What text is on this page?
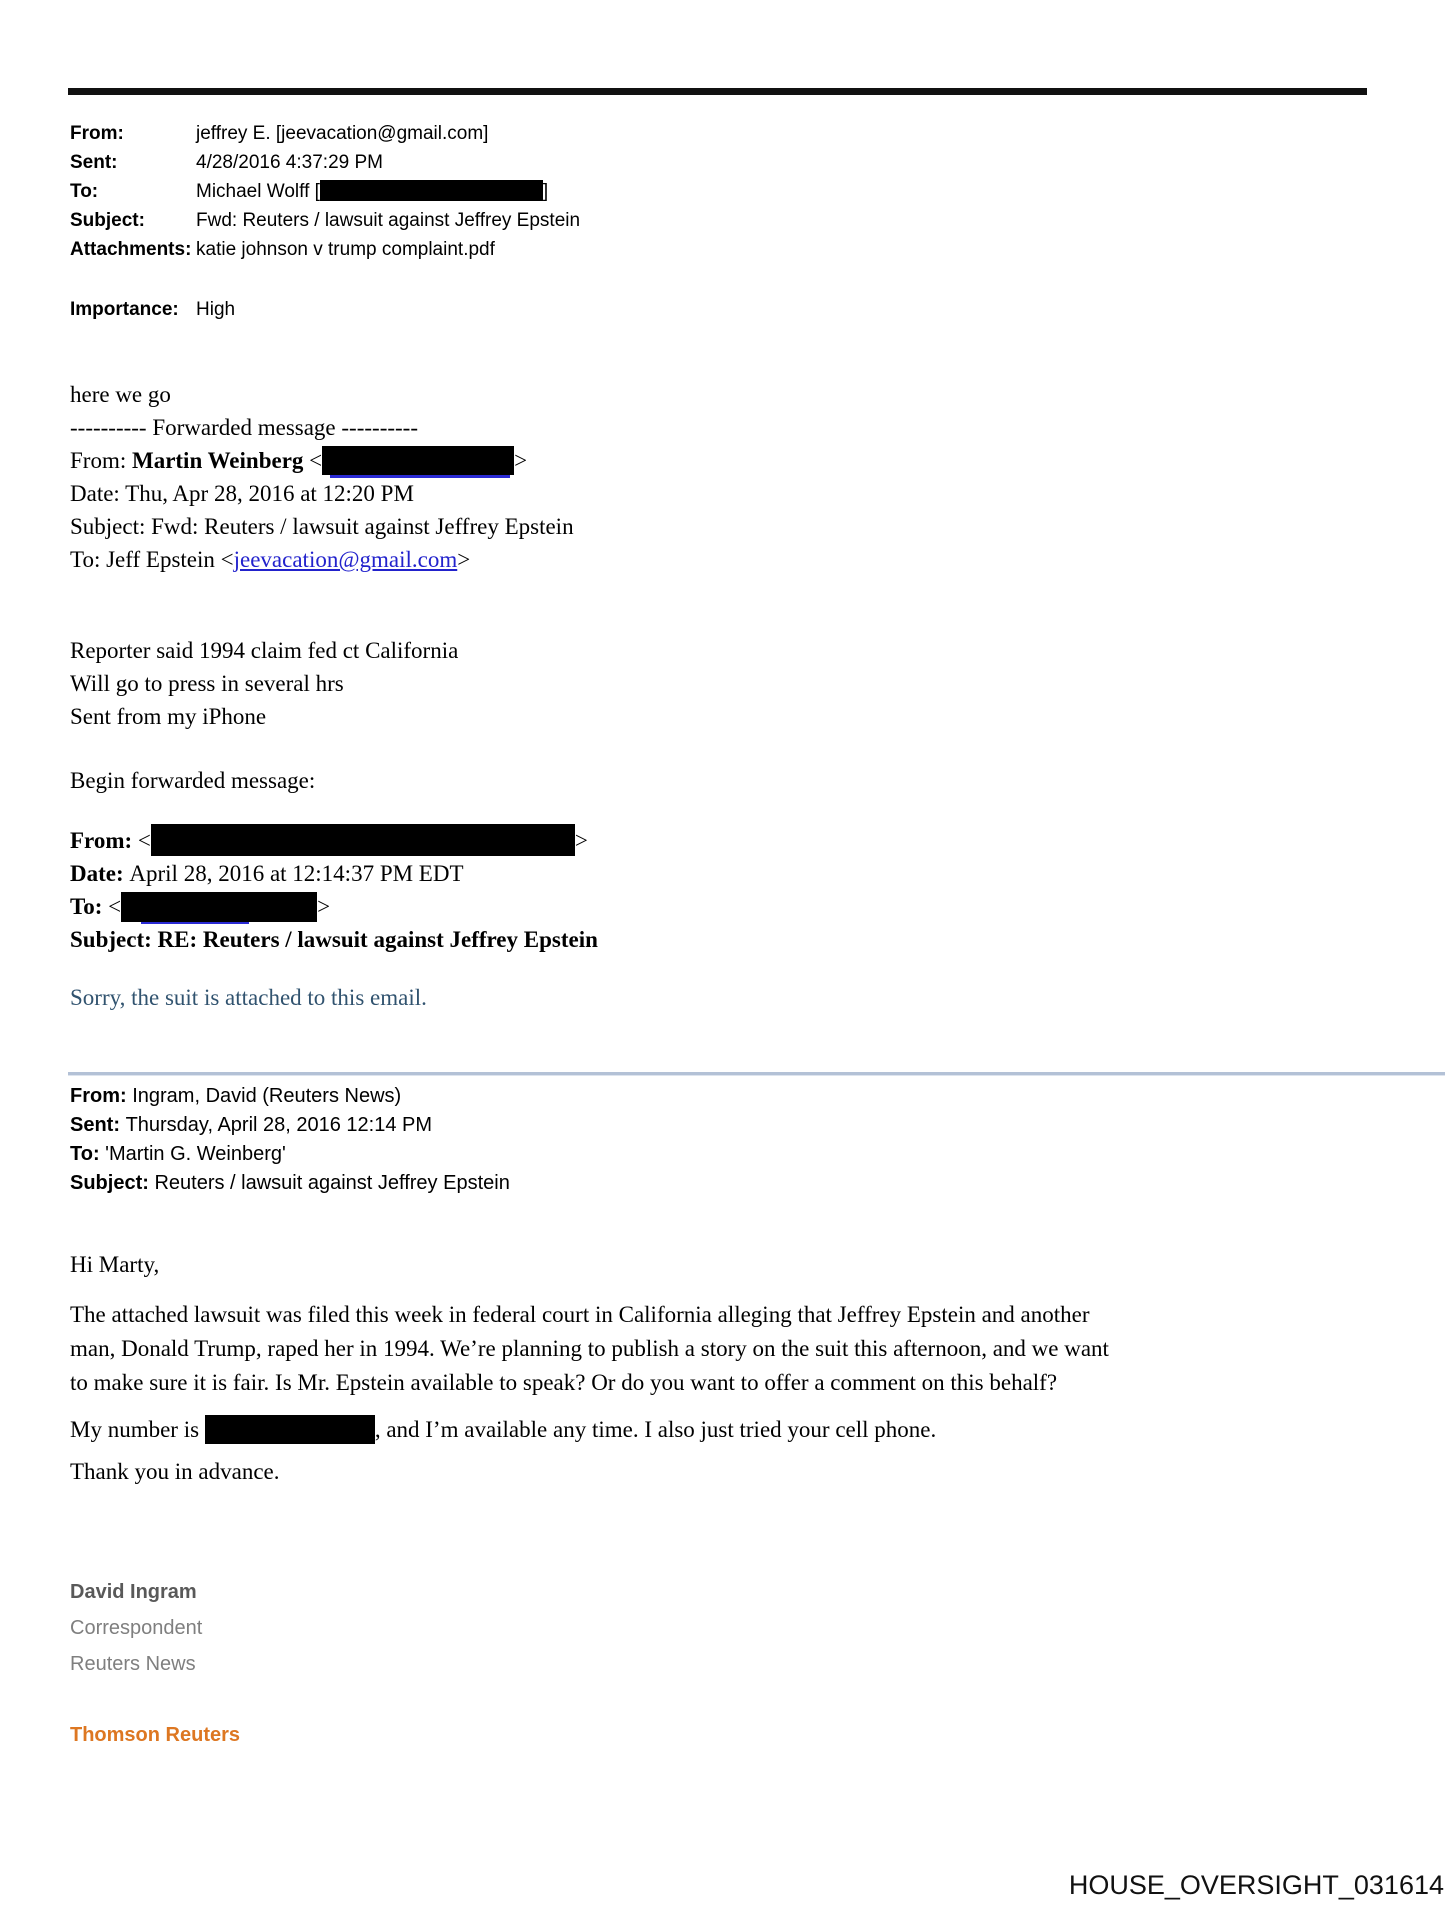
From:	jeffrey E. [jeevacation@gmail.com]
Sent:	4/28/2016 4:37:29 PM
To:	Michael Wolff [	]
Subject:	Fwd: Reuters / lawsuit against Jeffrey Epstein
Attachments: katie johnson v trump complaint.pdf
Importance: High
here we go
---------- Forwarded message ----------
From: Martin Weinberg <	>
Date: Thu, Apr 28, 2016 at 12:20 PM
Subject: Fwd: Reuters / lawsuit against Jeffrey Epstein
To: Jeff Epstein <jeevacation@gmail.com>
Reporter said 1994 claim fed ct California
Will go to press in several hrs
Sent from my iPhone
Begin forwarded message:
From: <	>
Date: April 28, 2016 at 12:14:37 PM EDT
To: <	>
Subject: RE: Reuters / lawsuit against Jeffrey Epstein
Sorry, the suit is attached to this email.
From: Ingram, David (Reuters News)
Sent: Thursday, April 28, 2016 12:14 PM
To: 'Martin G. Weinberg'
Subject: Reuters / lawsuit against Jeffrey Epstein
Hi Marty,
The attached lawsuit was filed this week in federal court in California alleging that Jeffrey Epstein and another man, Donald Trump, raped her in 1994. We’re planning to publish a story on the suit this afternoon, and we want to make sure it is fair. Is Mr. Epstein available to speak? Or do you want to offer a comment on this behalf?
My number is	, and I’m available any time. I also just tried your cell phone.
Thank you in advance.
David Ingram
Correspondent
Reuters News
Thomson Reuters
HOUSE_OVERSIGHT_031614
